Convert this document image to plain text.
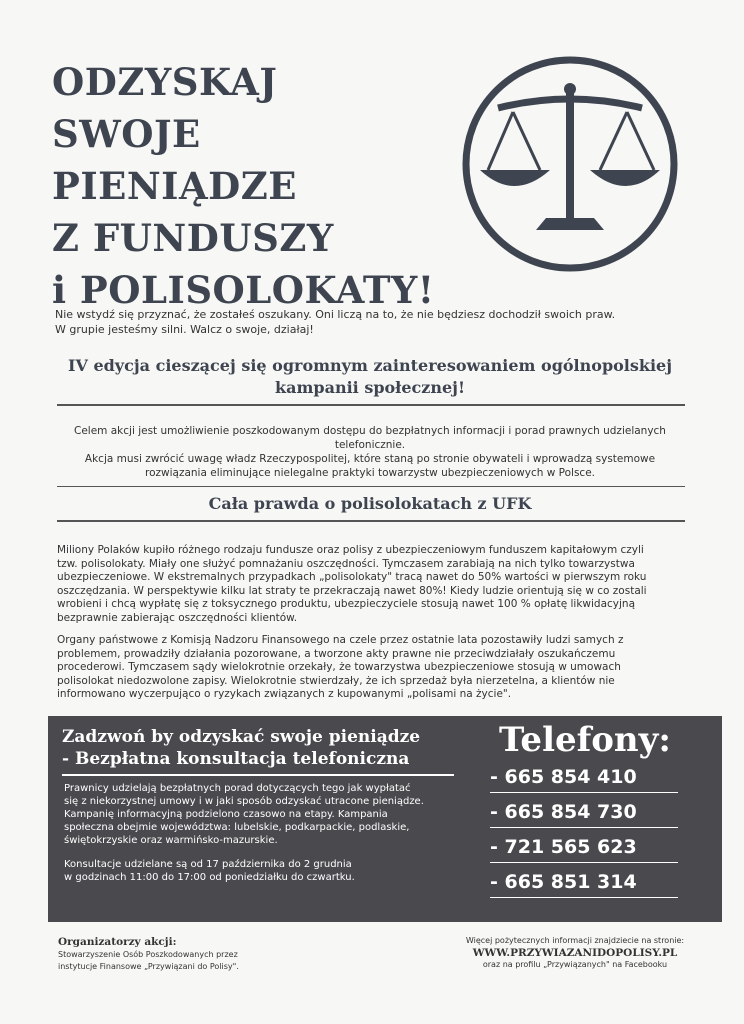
ODZYSKAJ
SWOJE
PIENIĄDZE
Z FUNDUSZY
i POLISOLOKATY!
Nie wstydź się przyznać, że zostałeś oszukany. Oni liczą na to, że nie będziesz dochodził swoich praw.
W grupie jesteśmy silni. Walcz o swoje, działaj!
IV edycja cieszącej się ogromnym zainteresowaniem ogólnopolskiej
kampanii społecznej!
Celem akcji jest umożliwienie poszkodowanym dostępu do bezpłatnych informacji i porad prawnych udzielanych
telefonicznie.
Akcja musi zwrócić uwagę władz Rzeczypospolitej, które staną po stronie obywateli i wprowadzą systemowe
rozwiązania eliminujące nielegalne praktyki towarzystw ubezpieczeniowych w Polsce.
Cała prawda o polisolokatach z UFK
Miliony Polaków kupiło różnego rodzaju fundusze oraz polisy z ubezpieczeniowym funduszem kapitałowym czyli
tzw. polisolokaty. Miały one służyć pomnażaniu oszczędności. Tymczasem zarabiają na nich tylko towarzystwa
ubezpieczeniowe. W ekstremalnych przypadkach „polisolokaty" tracą nawet do 50% wartości w pierwszym roku
oszczędzania. W perspektywie kilku lat straty te przekraczają nawet 80%! Kiedy ludzie orientują się w co zostali
wrobieni i chcą wypłatę się z toksycznego produktu, ubezpieczyciele stosują nawet 100 % opłatę likwidacyjną
bezprawnie zabierając oszczędności klientów.
Organy państwowe z Komisją Nadzoru Finansowego na czele przez ostatnie lata pozostawiły ludzi samych z
problemem, prowadziły działania pozorowane, a tworzone akty prawne nie przeciwdziałały oszukańczemu
procederowi. Tymczasem sądy wielokrotnie orzekały, że towarzystwa ubezpieczeniowe stosują w umowach
polisolokat niedozwolone zapisy. Wielokrotnie stwierdzały, że ich sprzedaż była nierzetelna, a klientów nie
informowano wyczerpująco o ryzykach związanych z kupowanymi „polisami na życie".
Zadzwoń by odzyskać swoje pieniądze
- Bezpłatna konsultacja telefoniczna
Prawnicy udzielają bezpłatnych porad dotyczących tego jak wypłatać
się z niekorzystnej umowy i w jaki sposób odzyskać utracone pieniądze.
Kampanię informacyjną podzielono czasowo na etapy. Kampania
społeczna obejmie województwa: lubelskie, podkarpackie, podlaskie,
świętokrzyskie oraz warmińsko-mazurskie.
Konsultacje udzielane są od 17 października do 2 grudnia
w godzinach 11:00 do 17:00 od poniedziałku do czwartku.
Telefony:
- 665 854 410
- 665 854 730
- 721 565 623
- 665 851 314
Organizatorzy akcji:
Stowarzyszenie Osób Poszkodowanych przez
instytucje Finansowe „Przywiązani do Polisy".
Więcej pożytecznych informacji znajdziecie na stronie:
WWW.PRZYWIAZANIDOPOLISY.PL
oraz na profilu „Przywiązanych" na Facebooku
